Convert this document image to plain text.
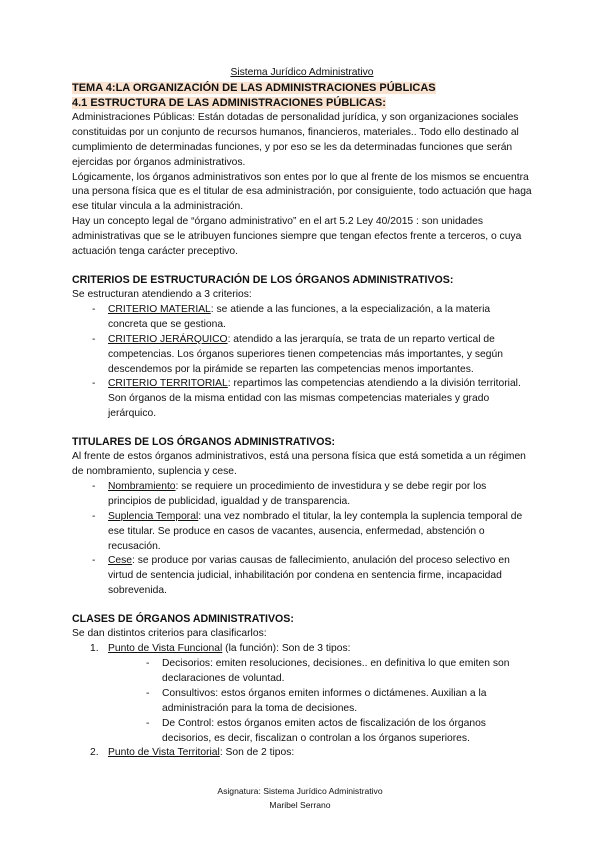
Sistema Jurídico Administrativo

TEMA 4:LA ORGANIZACIÓN DE LAS ADMINISTRACIONES PÚBLICAS
4.1 ESTRUCTURA DE LAS ADMINISTRACIONES PÚBLICAS:

Administraciones Públicas: Están dotadas de personalidad jurídica, y son organizaciones sociales constituidas por un conjunto de recursos humanos, financieros, materiales.. Todo ello destinado al cumplimiento de determinadas funciones, y por eso se les da determinadas funciones que serán ejercidas por órganos administrativos.

Lógicamente, los órganos administrativos son entes por lo que al frente de los mismos se encuentra una persona física que es el titular de esa administración, por consiguiente, todo actuación que haga ese titular vincula a la administración.

Hay un concepto legal de “órgano administrativo” en el art 5.2 Ley 40/2015 : son unidades administrativas que se le atribuyen funciones siempre que tengan efectos frente a terceros, o cuya actuación tenga carácter preceptivo.

CRITERIOS DE ESTRUCTURACIÓN DE LOS ÓRGANOS ADMINISTRATIVOS:

Se estructuran atendiendo a 3 criterios:

- CRITERIO MATERIAL: se atiende a las funciones, a la especialización, a la materia concreta que se gestiona.
- CRITERIO JERÁRQUICO: atendido a las jerarquía, se trata de un reparto vertical de competencias. Los órganos superiores tienen competencias más importantes, y según descendemos por la pirámide se reparten las competencias menos importantes.
- CRITERIO TERRITORIAL: repartimos las competencias atendiendo a la división territorial. Son órganos de la misma entidad con las mismas competencias materiales y grado jerárquico.
TITULARES DE LOS ÓRGANOS ADMINISTRATIVOS:

Al frente de estos órganos administrativos, está una persona física que está sometida a un régimen de nombramiento, suplencia y cese.

- Nombramiento: se requiere un procedimiento de investidura y se debe regir por los principios de publicidad, igualdad y de transparencia.
- Suplencia Temporal: una vez nombrado el titular, la ley contempla la suplencia temporal de ese titular. Se produce en casos de vacantes, ausencia, enfermedad, abstención o recusación.
- Cese: se produce por varias causas de fallecimiento, anulación del proceso selectivo en virtud de sentencia judicial, inhabilitación por condena en sentencia firme, incapacidad sobrevenida.
CLASES DE ÓRGANOS ADMINISTRATIVOS:

Se dan distintos criterios para clasificarlos:

1. Punto de Vista Funcional (la función): Son de 3 tipos:
- Decisorios: emiten resoluciones, decisiones.. en definitiva lo que emiten son declaraciones de voluntad.
- Consultivos: estos órganos emiten informes o dictámenes. Auxilian a la administración para la toma de decisiones.
- De Control: estos órganos emiten actos de fiscalización de los órganos decisorios, es decir, fiscalizan o controlan a los órganos superiores.
2. Punto de Vista Territorial: Son de 2 tipos:
Asignatura: Sistema Jurídico Administrativo
Maribel Serrano
